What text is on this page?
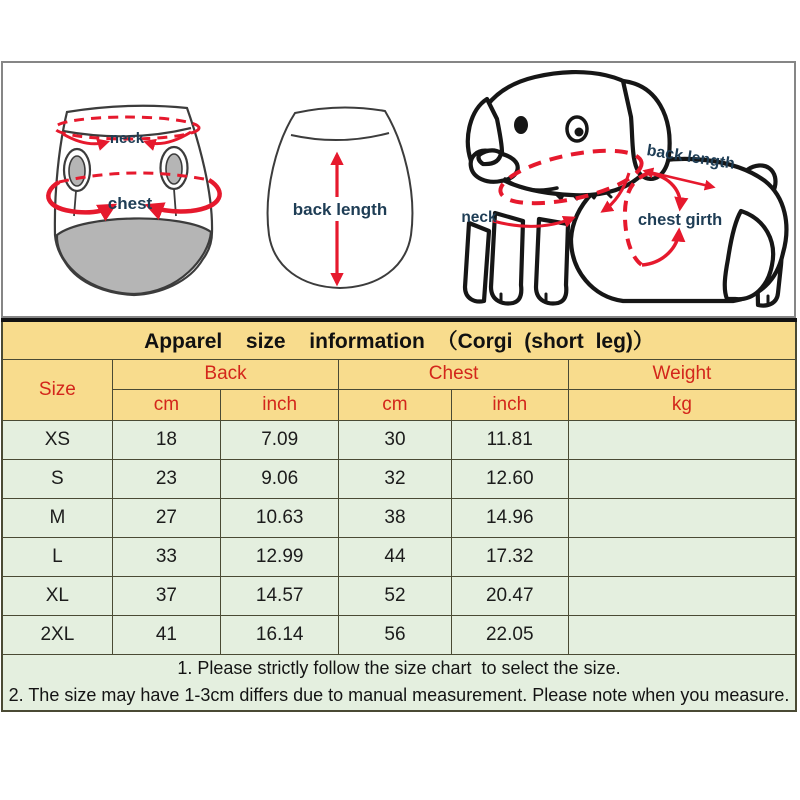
neck
chest	back length	neck
back length
chest girth
Apparel  size  information （Corgi (short leg)）					
Size	Back		Chest		Weight
	cm	inch	cm	inch	kg
XS	18	7.09	30	11.81	
S	23	9.06	32	12.60	
M	27	10.63	38	14.96	
L	33	12.99	44	17.32	
XL	37	14.57	52	20.47	
2XL	41	16.14	56	22.05	

1. Please strictly follow the size chart  to select the size.
2. The size may have 1-3cm differs due to manual measurement. Please note when you measure.					
